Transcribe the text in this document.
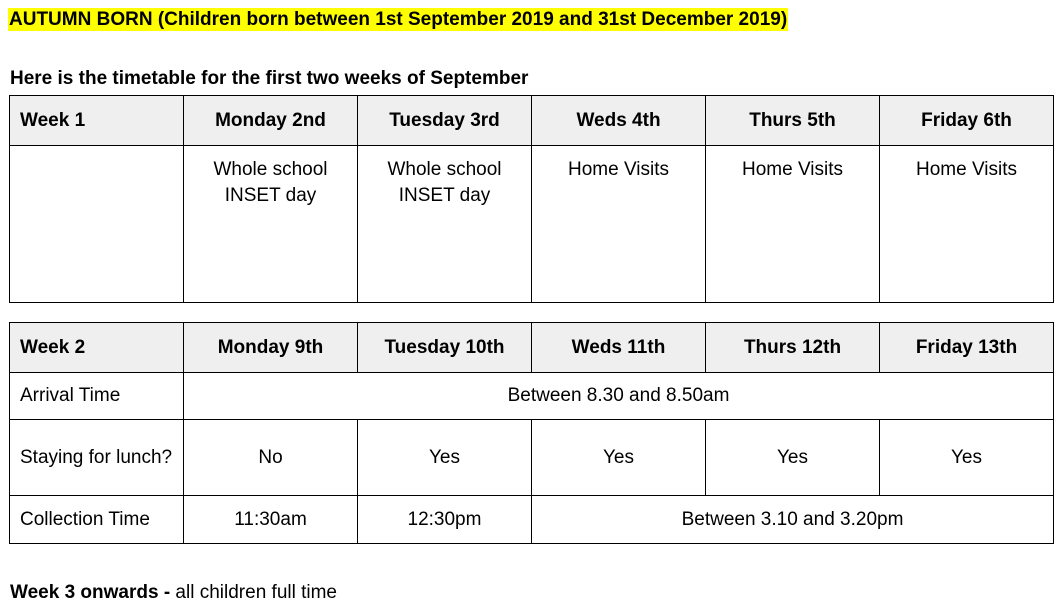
AUTUMN BORN (Children born between 1st September 2019 and 31st December 2019)
Here is the timetable for the first two weeks of September
Week 1	Monday 2nd	Tuesday 3rd	Weds 4th	Thurs 5th	Friday 6th
	Whole school INSET day	Whole school INSET day	Home Visits	Home Visits	Home Visits
Week 2	Monday 9th	Tuesday 10th	Weds 11th	Thurs 12th	Friday 13th
Arrival Time	Between 8.30 and 8.50am				
Staying for lunch?	No	Yes	Yes	Yes	Yes
Collection Time	11:30am	12:30pm	Between 3.10 and 3.20pm		
Week 3 onwards - all children full time
